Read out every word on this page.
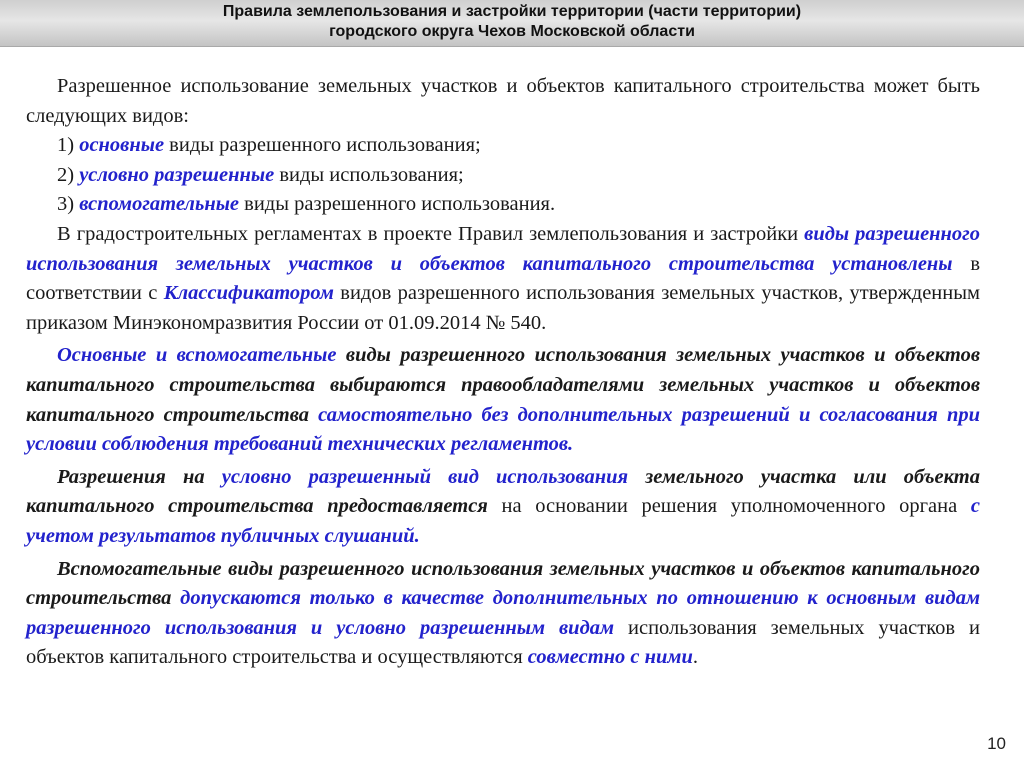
Правила землепользования и застройки территории (части территории)
городского округа Чехов Московской области

Разрешенное использование земельных участков и объектов капитального строительства может быть следующих видов:

1) основные виды разрешенного использования;

2) условно разрешенные виды использования;

3) вспомогательные виды разрешенного использования.

В градостроительных регламентах в проекте Правил землепользования и застройки виды разрешенного использования земельных участков и объектов капитального строительства установлены в соответствии с Классификатором видов разрешенного использования земельных участков, утвержденным приказом Минэкономразвития России от 01.09.2014 № 540.

Основные и вспомогательные виды разрешенного использования земельных участков и объектов капитального строительства выбираются правообладателями земельных участков и объектов капитального строительства самостоятельно без дополнительных разрешений и согласования при условии соблюдения требований технических регламентов.

Разрешения на условно разрешенный вид использования земельного участка или объекта капитального строительства предоставляется на основании решения уполномоченного органа с учетом результатов публичных слушаний.

Вспомогательные виды разрешенного использования земельных участков и объектов капитального строительства допускаются только в качестве дополнительных по отношению к основным видам разрешенного использования и условно разрешенным видам использования земельных участков и объектов капитального строительства и осуществляются совместно с ними.

10
